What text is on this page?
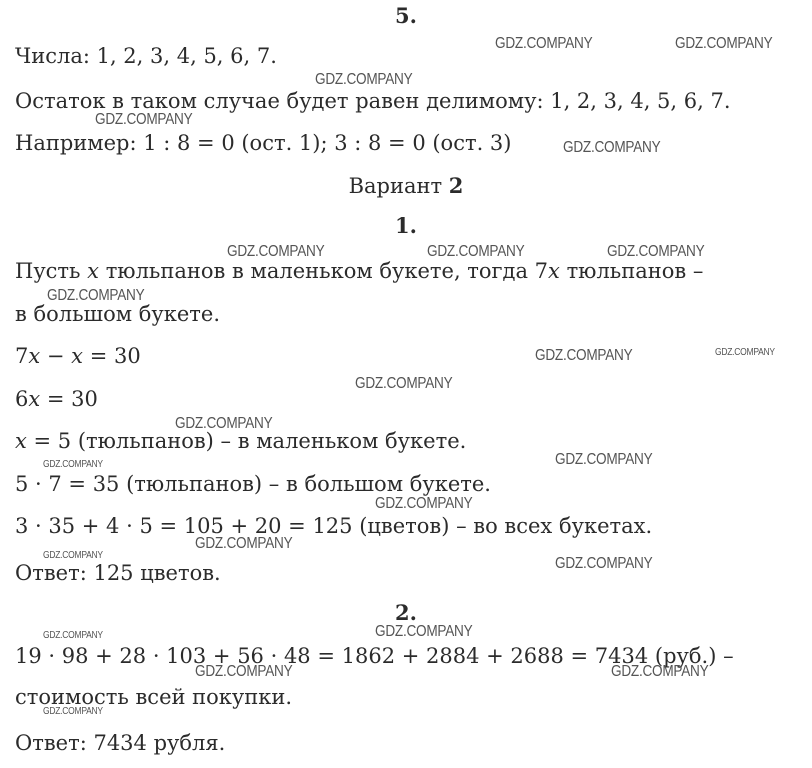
5.
Числа: 1, 2, 3, 4, 5, 6, 7.
Остаток в таком случае будет равен делимому: 1, 2, 3, 4, 5, 6, 7.
Например: 1 : 8 = 0 (ост. 1); 3 : 8 = 0 (ост. 3)
Вариант 2
1.
Пусть x тюльпанов в маленьком букете, тогда 7x тюльпанов –
в большом букете.
7x − x = 30
6x = 30
x = 5 (тюльпанов) – в маленьком букете.
5 · 7 = 35 (тюльпанов) – в большом букете.
3 · 35 + 4 · 5 = 105 + 20 = 125 (цветов) – во всех букетах.
Ответ: 125 цветов.
2.
19 · 98 + 28 · 103 + 56 · 48 = 1862 + 2884 + 2688 = 7434 (руб.) –
стоимость всей покупки.
Ответ: 7434 рубля.
GDZ.COMPANY	GDZ.COMPANY
GDZ.COMPANY
GDZ.COMPANY
GDZ.COMPANY
GDZ.COMPANY	GDZ.COMPANY	GDZ.COMPANY
GDZ.COMPANY
GDZ.COMPANY	GDZ.COMPANY
GDZ.COMPANY
GDZ.COMPANY
GDZ.COMPANY	GDZ.COMPANY
GDZ.COMPANY
GDZ.COMPANY
GDZ.COMPANY	GDZ.COMPANY
GDZ.COMPANY	GDZ.COMPANY
GDZ.COMPANY	GDZ.COMPANY
GDZ.COMPANY
